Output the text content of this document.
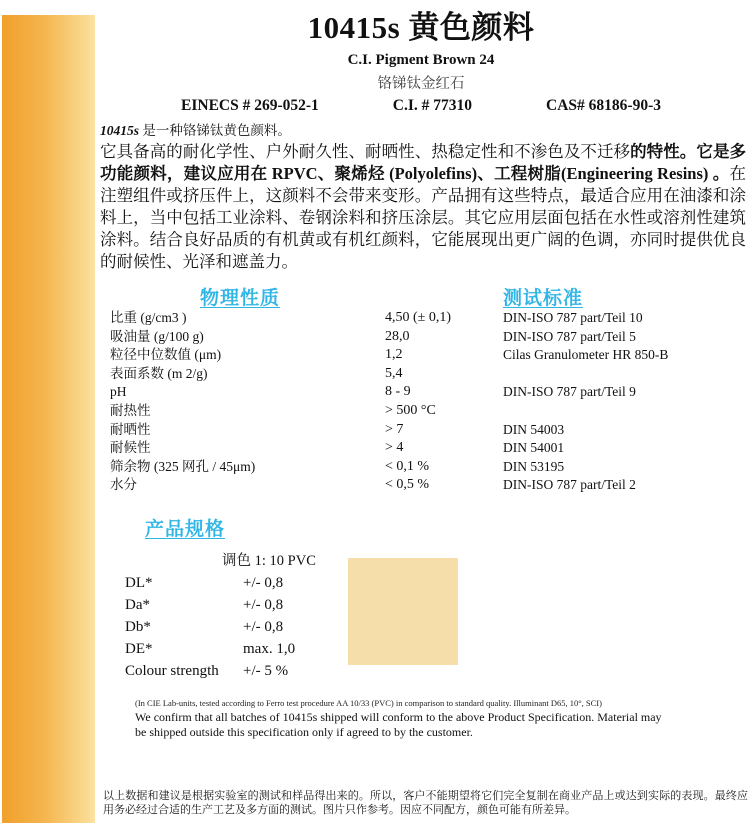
10415s 黄色颜料
C.I. Pigment Brown 24
铬锑钛金红石
EINECS # 269-052-1	C.I. # 77310	CAS# 68186-90-3
10415s 是一种铬锑钛黄色颜料。
它具备高的耐化学性、户外耐久性、耐晒性、热稳定性和不渗色及不迁移的特性。它是多功能颜料，建议应用在 RPVC、聚烯烃 (Polyolefins)、工程树脂(Engineering Resins) 。在注塑组件或挤压件上，这颜料不会带来变形。产品拥有这些特点，最适合应用在油漆和涂料上，当中包括工业涂料、卷钢涂料和挤压涂层。其它应用层面包括在水性或溶剂性建筑涂料。结合良好品质的有机黄或有机红颜料，它能展现出更广阔的色调，亦同时提供优良的耐候性、光泽和遮盖力。
物理性质	测试标准
比重 (g/cm3 )	4,50 (± 0,1)	DIN-ISO 787 part/Teil 10
吸油量 (g/100 g)	28,0	DIN-ISO 787 part/Teil 5
粒径中位数值 (μm)	1,2	Cilas Granulometer HR 850-B
表面系数 (m 2/g)	5,4
pH	8 - 9	DIN-ISO 787 part/Teil 9
耐热性	> 500 °C
耐晒性	> 7	DIN 54003
耐候性	> 4	DIN 54001
筛余物 (325 网孔 / 45μm)	< 0,1 %	DIN 53195
水分	< 0,5 %	DIN-ISO 787 part/Teil 2
产品规格
调色 1: 10 PVC
DL*	+/- 0,8
Da*	+/- 0,8
Db*	+/- 0,8
DE*	max. 1,0
Colour strength	+/- 5 %
(In CIE Lab-units, tested according to Ferro test procedure AA 10/33 (PVC) in comparison to standard quality. Illuminant D65, 10°, SCI)
We confirm that all batches of 10415s shipped will conform to the above Product Specification. Material may be shipped outside this specification only if agreed to by the customer.
以上数据和建议是根据实验室的测试和样品得出来的。所以，客户不能期望将它们完全复制在商业产品上或达到实际的表现。最终应用务必经过合适的生产工艺及多方面的测试。图片只作参考。因应不同配方，颜色可能有所差异。
